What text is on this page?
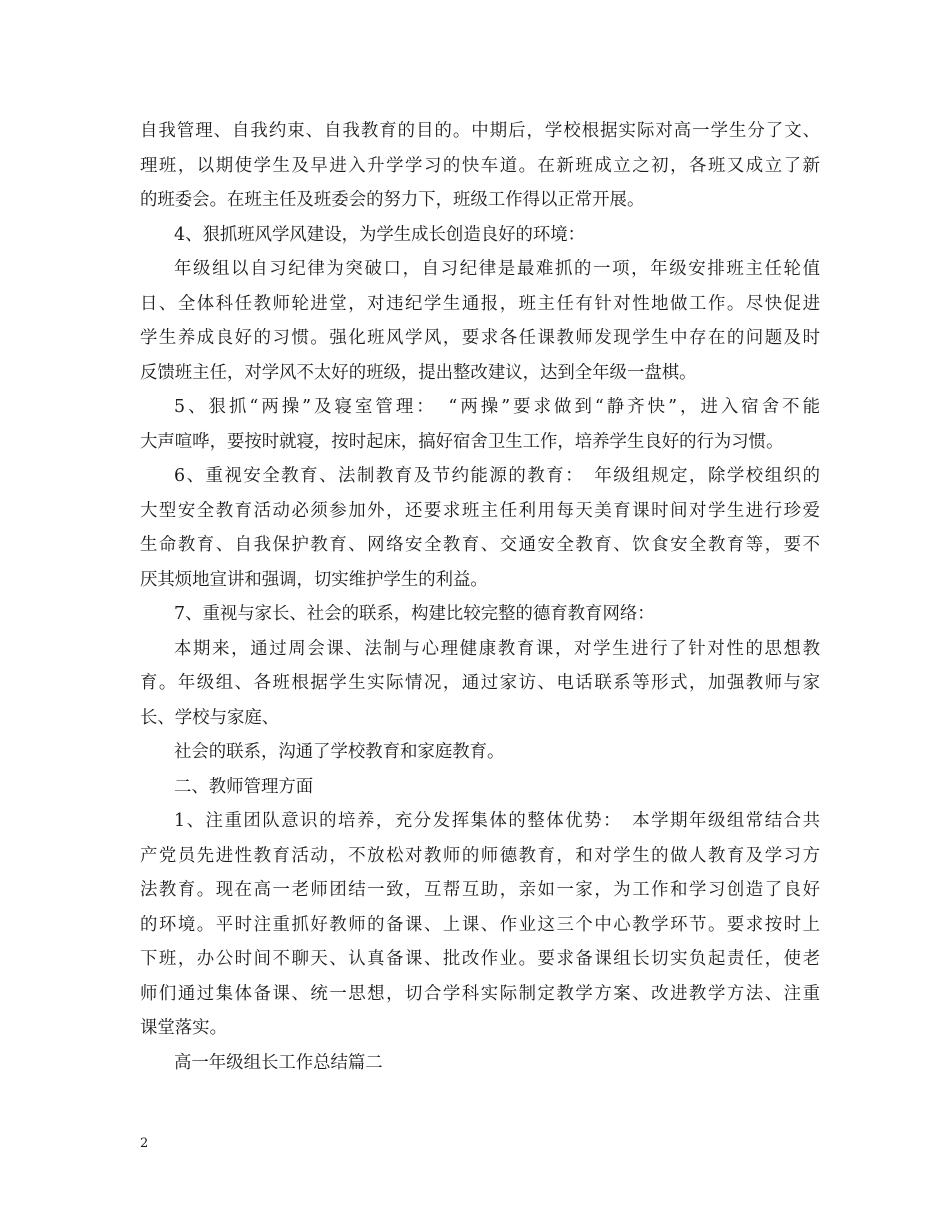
自我管理、自我约束、自我教育的目的。中期后，学校根据实际对高一学生分了文、
理班，以期使学生及早进入升学学习的快车道。在新班成立之初，各班又成立了新
的班委会。在班主任及班委会的努力下，班级工作得以正常开展。
4、狠抓班风学风建设，为学生成长创造良好的环境：
年级组以自习纪律为突破口，自习纪律是最难抓的一项，年级安排班主任轮值
日、全体科任教师轮进堂，对违纪学生通报，班主任有针对性地做工作。尽快促进
学生养成良好的习惯。强化班风学风，要求各任课教师发现学生中存在的问题及时
反馈班主任，对学风不太好的班级，提出整改建议，达到全年级一盘棋。
5、狠抓“两操”及寝室管理：　“两操”要求做到“静齐快”，进入宿舍不能
大声喧哗，要按时就寝，按时起床，搞好宿舍卫生工作，培养学生良好的行为习惯。
6、重视安全教育、法制教育及节约能源的教育：　年级组规定，除学校组织的
大型安全教育活动必须参加外，还要求班主任利用每天美育课时间对学生进行珍爱
生命教育、自我保护教育、网络安全教育、交通安全教育、饮食安全教育等，要不
厌其烦地宣讲和强调，切实维护学生的利益。
7、重视与家长、社会的联系，构建比较完整的德育教育网络：
本期来，通过周会课、法制与心理健康教育课，对学生进行了针对性的思想教
育。年级组、各班根据学生实际情况，通过家访、电话联系等形式，加强教师与家
长、学校与家庭、
社会的联系，沟通了学校教育和家庭教育。
二、教师管理方面
1、注重团队意识的培养，充分发挥集体的整体优势：　本学期年级组常结合共
产党员先进性教育活动，不放松对教师的师德教育，和对学生的做人教育及学习方
法教育。现在高一老师团结一致，互帮互助，亲如一家，为工作和学习创造了良好
的环境。平时注重抓好教师的备课、上课、作业这三个中心教学环节。要求按时上
下班，办公时间不聊天、认真备课、批改作业。要求备课组长切实负起责任，使老
师们通过集体备课、统一思想，切合学科实际制定教学方案、改进教学方法、注重
课堂落实。
高一年级组长工作总结篇二
2
